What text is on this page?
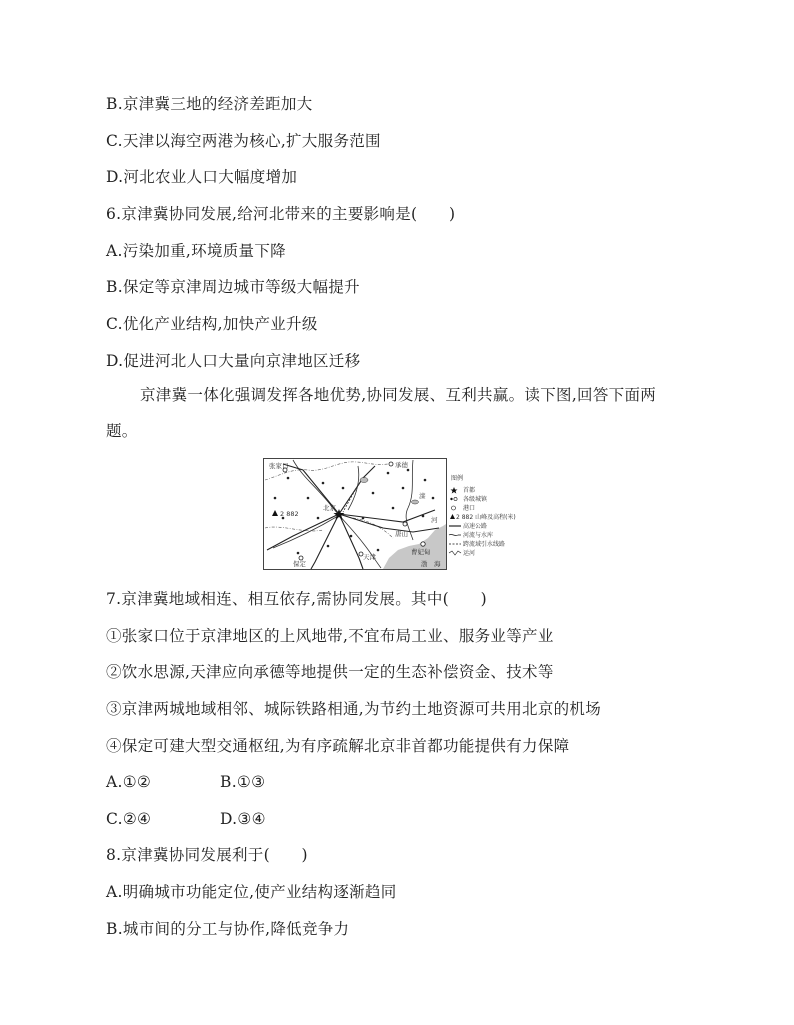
B.京津冀三地的经济差距加大
C.天津以海空两港为核心,扩大服务范围
D.河北农业人口大幅度增加
6.京津冀协同发展,给河北带来的主要影响是(　　)
A.污染加重,环境质量下降
B.保定等京津周边城市等级大幅提升
C.优化产业结构,加快产业升级
D.促进河北人口大量向京津地区迁移
京津冀一体化强调发挥各地优势,协同发展、互利共赢。读下图,回答下面两
题。
张家口	承德
北京
唐山
天津
保定
曹妃甸
渤　海
滦
河
2 882
图例
首都
各级城镇
港口
2 882 山峰及高程(米)
高速公路
河流与水库
跨流域引水线路
运河
7.京津冀地域相连、相互依存,需协同发展。其中(　　)
①张家口位于京津地区的上风地带,不宜布局工业、服务业等产业
②饮水思源,天津应向承德等地提供一定的生态补偿资金、技术等
③京津两城地域相邻、城际铁路相通,为节约土地资源可共用北京的机场
④保定可建大型交通枢纽,为有序疏解北京非首都功能提供有力保障
A.①②	B.①③
C.②④	D.③④
8.京津冀协同发展利于(　　)
A.明确城市功能定位,使产业结构逐渐趋同
B.城市间的分工与协作,降低竞争力
